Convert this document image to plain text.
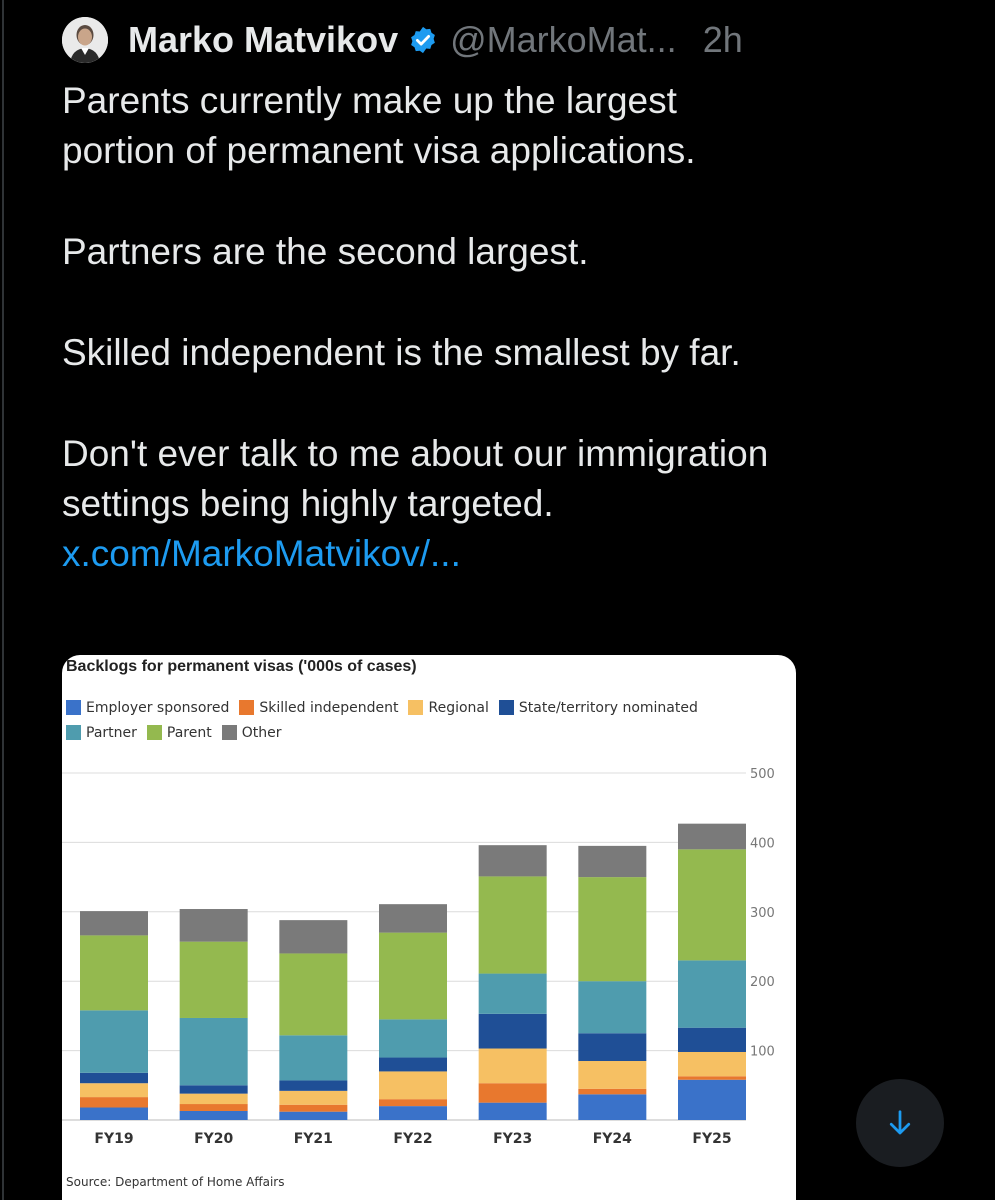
Marko Matvikov @MarkoMat... 2h

Parents currently make up the largest portion of permanent visa applications.

Partners are the second largest.

Skilled independent is the smallest by far.

Don't ever talk to me about our immigration settings being highly targeted. x.com/MarkoMatvikov/...

Backlogs for permanent visas ('000s of cases)
Employer sponsored Skilled independent Regional State/territory nominated
Partner Parent Other
100
200
300
400
500
FY19	FY20	FY21	FY22	FY23	FY24	FY25
Source: Department of Home Affairs
